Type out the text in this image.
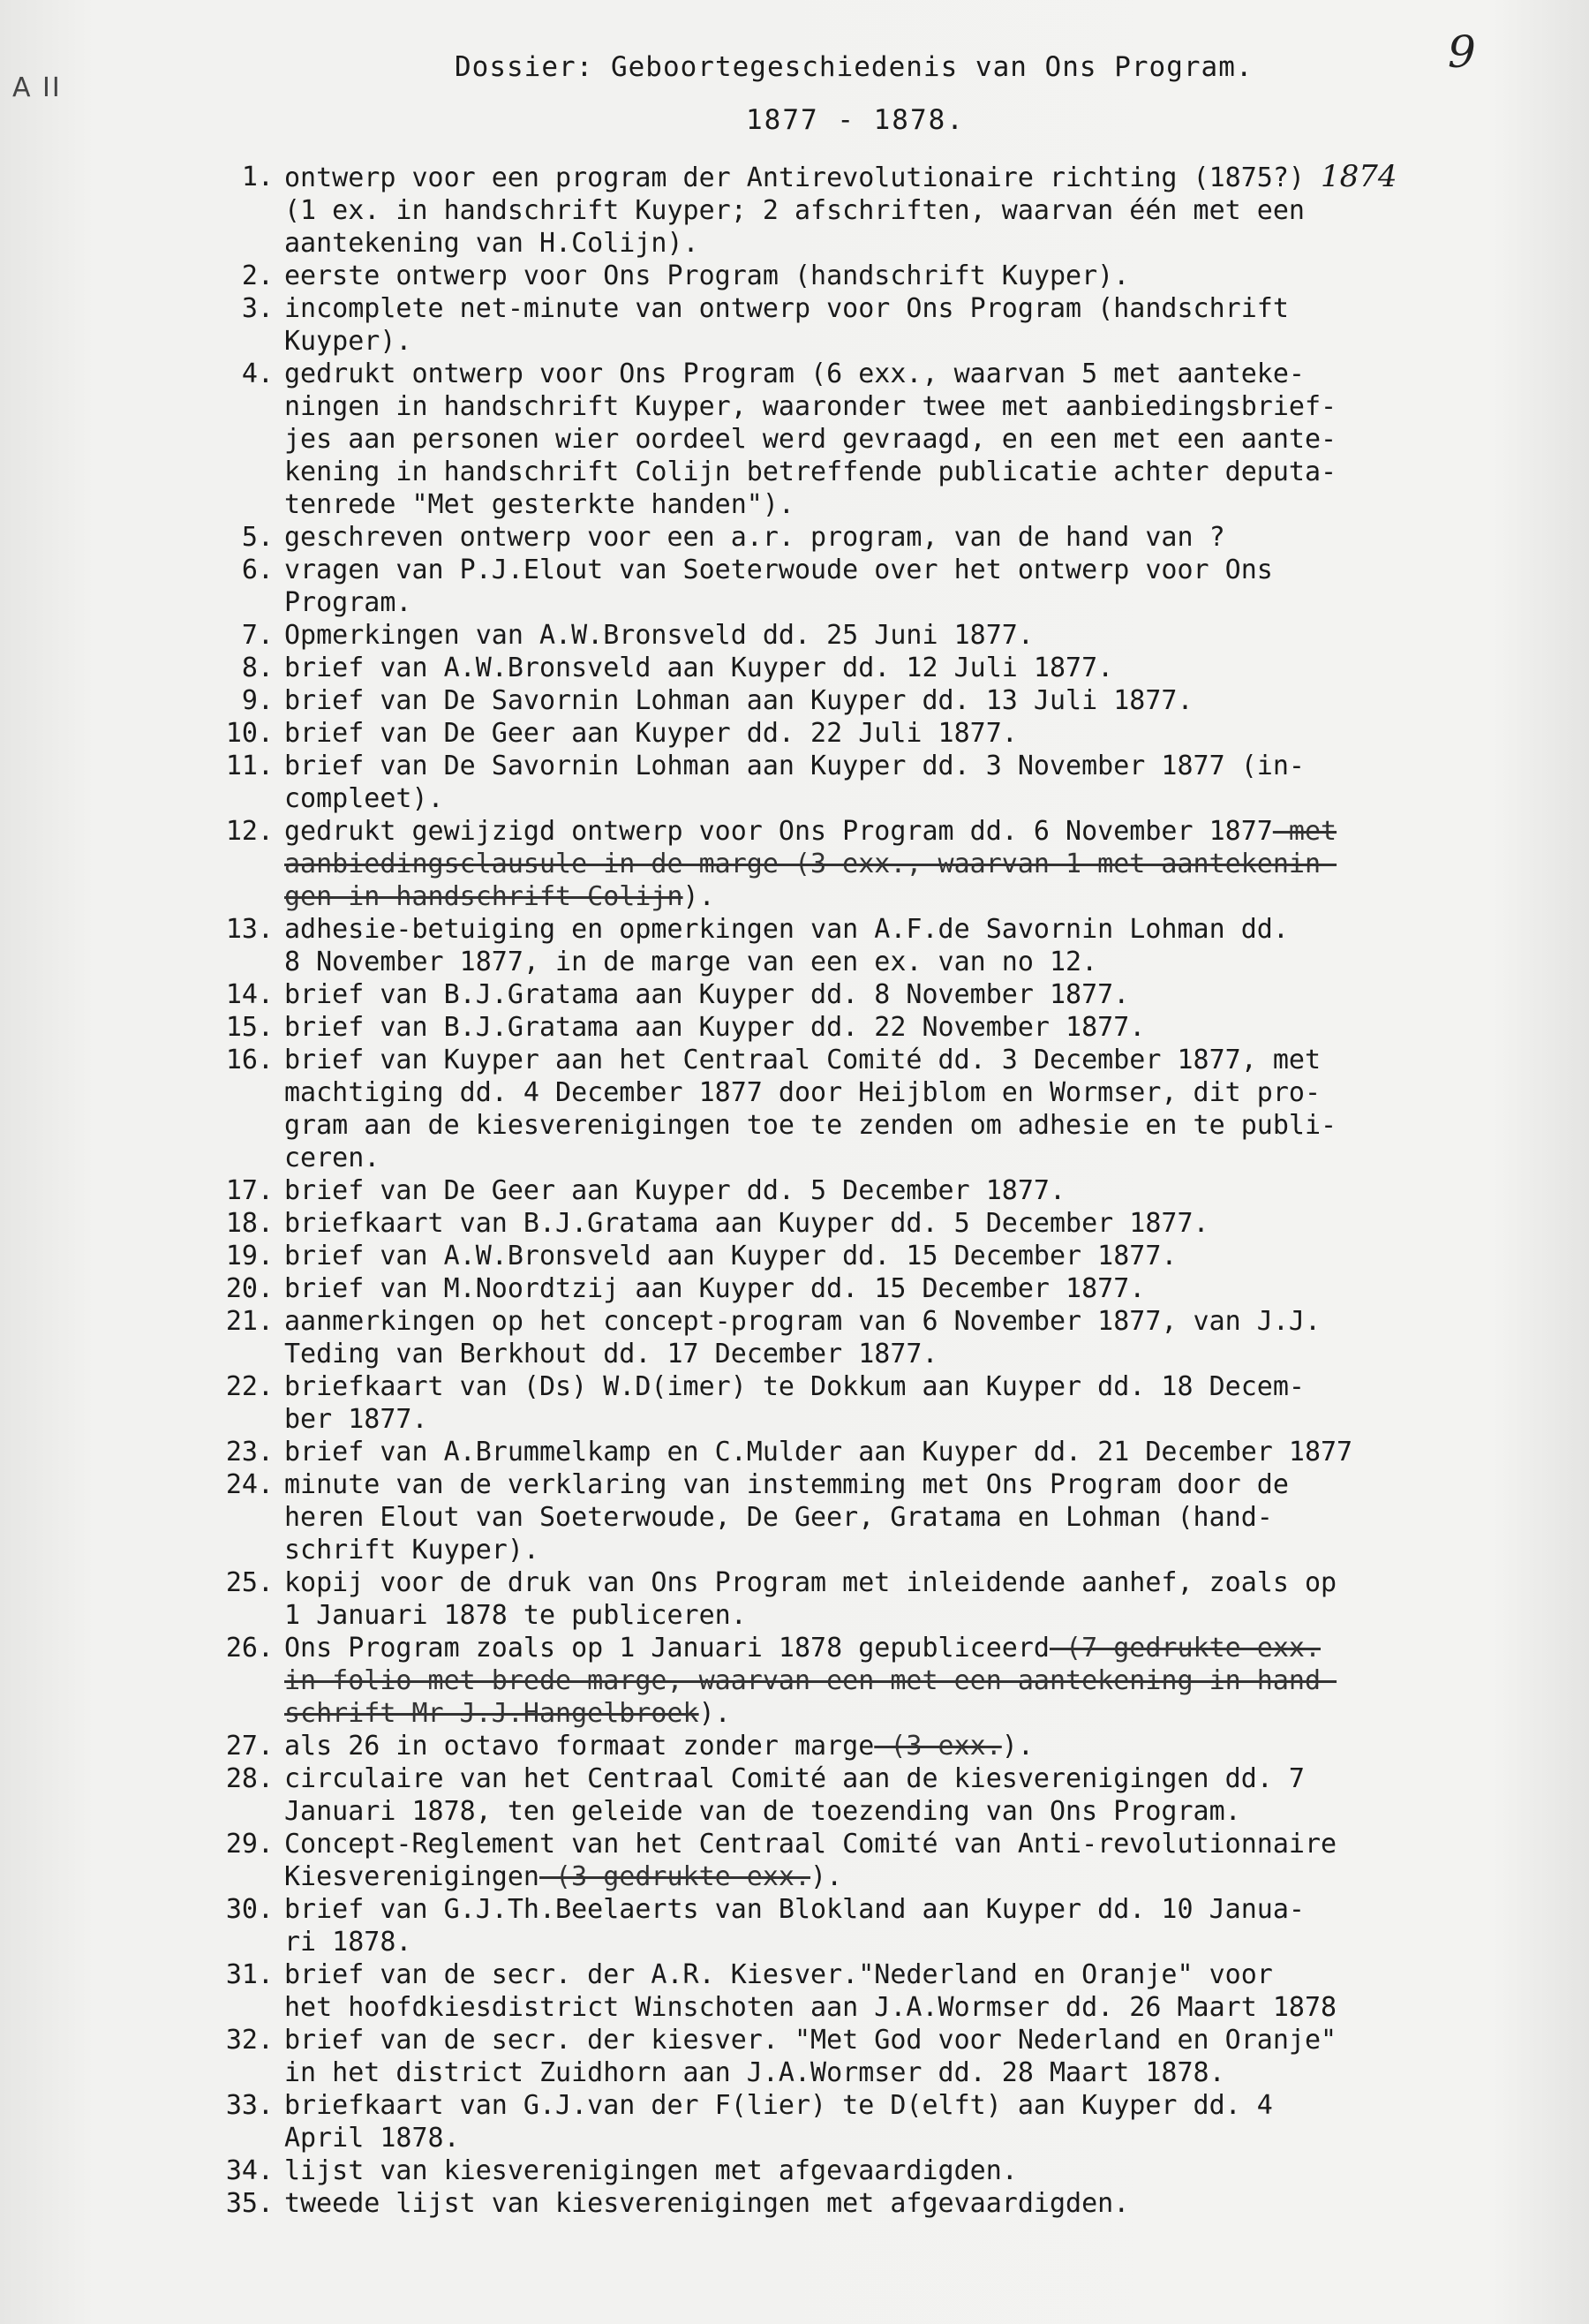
A II
9
Dossier: Geboortegeschiedenis van Ons Program.
1877 - 1878.
1. ontwerp voor een program der Antirevolutionaire richting (1875?) 1874
(1 ex. in handschrift Kuyper; 2 afschriften, waarvan één met een
aantekening van H.Colijn).
2. eerste ontwerp voor Ons Program (handschrift Kuyper).
3. incomplete net-minute van ontwerp voor Ons Program (handschrift
Kuyper).
4. gedrukt ontwerp voor Ons Program (6 exx., waarvan 5 met aanteke-
ningen in handschrift Kuyper, waaronder twee met aanbiedingsbrief-
jes aan personen wier oordeel werd gevraagd, en een met een aante-
kening in handschrift Colijn betreffende publicatie achter deputa-
tenrede "Met gesterkte handen").
5. geschreven ontwerp voor een a.r. program, van de hand van ?
6. vragen van P.J.Elout van Soeterwoude over het ontwerp voor Ons
Program.
7. Opmerkingen van A.W.Bronsveld dd. 25 Juni 1877.
8. brief van A.W.Bronsveld aan Kuyper dd. 12 Juli 1877.
9. brief van De Savornin Lohman aan Kuyper dd. 13 Juli 1877.
10. brief van De Geer aan Kuyper dd. 22 Juli 1877.
11. brief van De Savornin Lohman aan Kuyper dd. 3 November 1877 (in-
compleet).
12. gedrukt gewijzigd ontwerp voor Ons Program dd. 6 November 1877 met
aanbiedingsclausule in de marge (3 exx., waarvan 1 met aantekenin-
gen in handschrift Colijn).
13. adhesie-betuiging en opmerkingen van A.F.de Savornin Lohman dd.
8 November 1877, in de marge van een ex. van no 12.
14. brief van B.J.Gratama aan Kuyper dd. 8 November 1877.
15. brief van B.J.Gratama aan Kuyper dd. 22 November 1877.
16. brief van Kuyper aan het Centraal Comité dd. 3 December 1877, met
machtiging dd. 4 December 1877 door Heijblom en Wormser, dit pro-
gram aan de kiesverenigingen toe te zenden om adhesie en te publi-
ceren.
17. brief van De Geer aan Kuyper dd. 5 December 1877.
18. briefkaart van B.J.Gratama aan Kuyper dd. 5 December 1877.
19. brief van A.W.Bronsveld aan Kuyper dd. 15 December 1877.
20. brief van M.Noordtzij aan Kuyper dd. 15 December 1877.
21. aanmerkingen op het concept-program van 6 November 1877, van J.J.
Teding van Berkhout dd. 17 December 1877.
22. briefkaart van (Ds) W.D(imer) te Dokkum aan Kuyper dd. 18 Decem-
ber 1877.
23. brief van A.Brummelkamp en C.Mulder aan Kuyper dd. 21 December 1877
24. minute van de verklaring van instemming met Ons Program door de
heren Elout van Soeterwoude, De Geer, Gratama en Lohman (hand-
schrift Kuyper).
25. kopij voor de druk van Ons Program met inleidende aanhef, zoals op
1 Januari 1878 te publiceren.
26. Ons Program zoals op 1 Januari 1878 gepubliceerd (7 gedrukte exx.
in folio met brede marge, waarvan een met een aantekening in hand-
schrift Mr J.J.Hangelbroek).
27. als 26 in octavo formaat zonder marge (3 exx.).
28. circulaire van het Centraal Comité aan de kiesverenigingen dd. 7
Januari 1878, ten geleide van de toezending van Ons Program.
29. Concept-Reglement van het Centraal Comité van Anti-revolutionnaire
Kiesverenigingen (3 gedrukte exx.).
30. brief van G.J.Th.Beelaerts van Blokland aan Kuyper dd. 10 Janua-
ri 1878.
31. brief van de secr. der A.R. Kiesver."Nederland en Oranje" voor
het hoofdkiesdistrict Winschoten aan J.A.Wormser dd. 26 Maart 1878
32. brief van de secr. der kiesver. "Met God voor Nederland en Oranje"
in het district Zuidhorn aan J.A.Wormser dd. 28 Maart 1878.
33. briefkaart van G.J.van der F(lier) te D(elft) aan Kuyper dd. 4
April 1878.
34. lijst van kiesverenigingen met afgevaardigden.
35. tweede lijst van kiesverenigingen met afgevaardigden.
